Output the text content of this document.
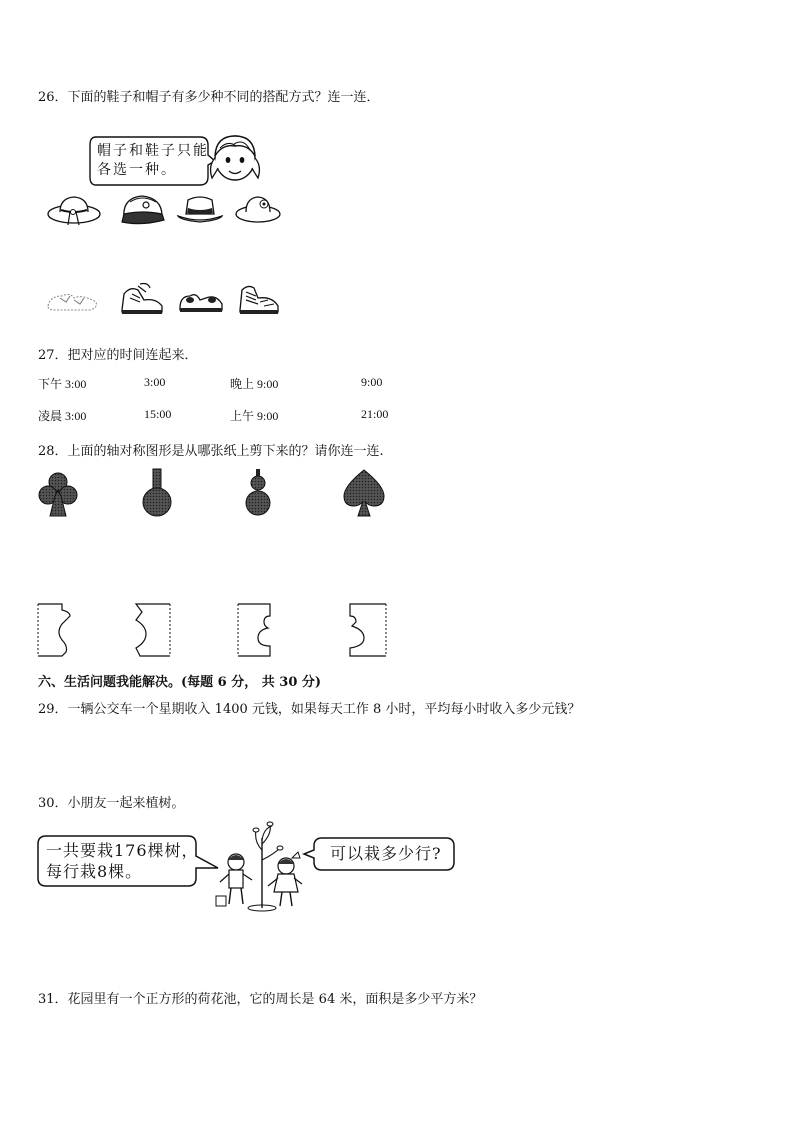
26．下面的鞋子和帽子有多少种不同的搭配方式？连一连．
帽子和鞋子只能
各选一种。
27．把对应的时间连起来．
下午 3:00	3:00	晚上 9:00	9:00
凌晨 3:00	15:00	上午 9:00	21:00
28．上面的轴对称图形是从哪张纸上剪下来的？请你连一连.
六、生活问题我能解决。(每题 6 分， 共 30 分)
29．一辆公交车一个星期收入 1400 元钱，如果每天工作 8 小时，平均每小时收入多少元钱？
30．小朋友一起来植树。
一共要栽176棵树，
每行栽8棵。
可以栽多少行?
31．花园里有一个正方形的荷花池，它的周长是 64 米，面积是多少平方米？
